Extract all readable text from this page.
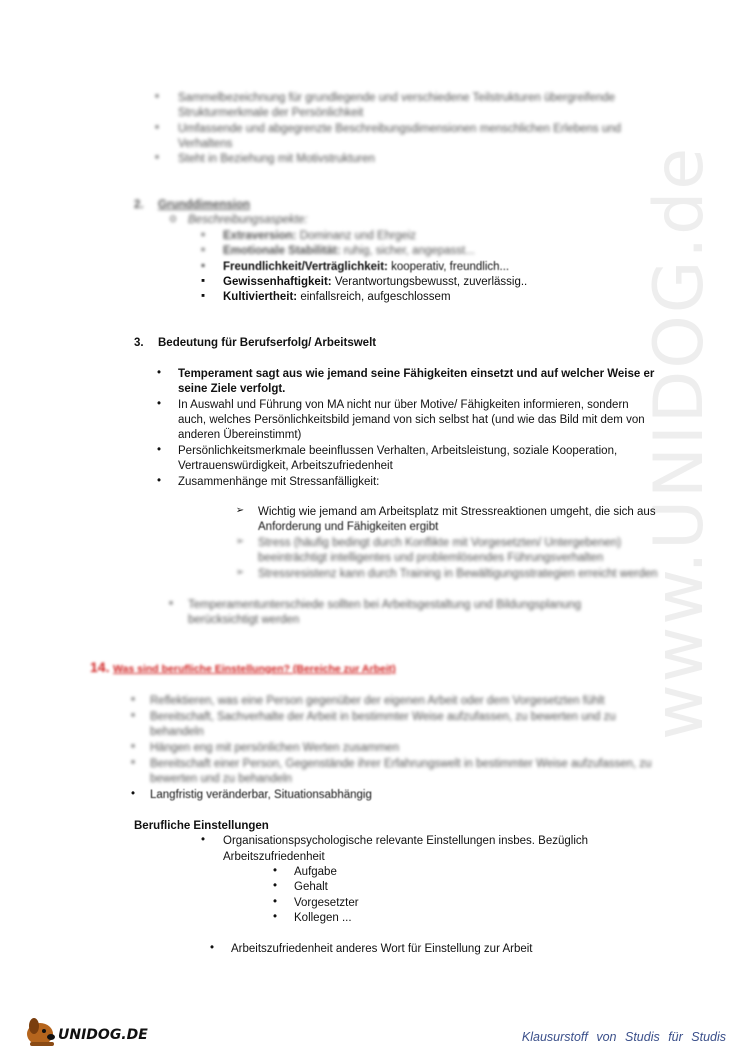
www.UNIDOG.de
•	Sammelbezeichnung für grundlegende und verschiedene Teilstrukturen übergreifende
Strukturmerkmale der Persönlichkeit
•	Umfassende und abgegrenzte Beschreibungsdimensionen menschlichen Erlebens und
Verhaltens
•	Steht in Beziehung mit Motivstrukturen
2. Grunddimension
o	Beschreibungsaspekte:
▪	Extraversion: Dominanz und Ehrgeiz
▪	Emotionale Stabilität: ruhig, sicher, angepasst...
▪	Freundlichkeit/Verträglichkeit: kooperativ, freundlich...
▪	Gewissenhaftigkeit: Verantwortungsbewusst, zuverlässig..
▪	Kultiviertheit: einfallsreich, aufgeschlossem
3. Bedeutung für Berufserfolg/ Arbeitswelt
•	Temperament sagt aus wie jemand seine Fähigkeiten einsetzt und auf welcher Weise er
seine Ziele verfolgt.
•	In Auswahl und Führung von MA nicht nur über Motive/ Fähigkeiten informieren, sondern
auch, welches Persönlichkeitsbild jemand von sich selbst hat (und wie das Bild mit dem von
anderen Übereinstimmt)
•	Persönlichkeitsmerkmale beeinflussen Verhalten, Arbeitsleistung, soziale Kooperation,
Vertrauenswürdigkeit, Arbeitszufriedenheit
•	Zusammenhänge mit Stressanfälligkeit:
➢ Wichtig wie jemand am Arbeitsplatz mit Stressreaktionen umgeht, die sich aus
Anforderung und Fähigkeiten ergibt
➢ Stress (häufig bedingt durch Konflikte mit Vorgesetzten/ Untergebenen)
beeinträchtigt intelligentes und problemlösendes Führungsverhalten
➢ Stressresistenz kann durch Training in Bewältigungsstrategien erreicht werden
•	Temperamentunterschiede sollten bei Arbeitsgestaltung und Bildungsplanung
berücksichtigt werden
14. Was sind berufliche Einstellungen? (Bereiche zur Arbeit)
•	Reflektieren, was eine Person gegenüber der eigenen Arbeit oder dem Vorgesetzten fühlt
•	Bereitschaft, Sachverhalte der Arbeit in bestimmter Weise aufzufassen, zu bewerten und zu
behandeln
•	Hängen eng mit persönlichen Werten zusammen
•	Bereitschaft einer Person, Gegenstände ihrer Erfahrungswelt in bestimmter Weise aufzufassen, zu
bewerten und zu behandeln
•	Langfristig veränderbar, Situationsabhängig
Berufliche Einstellungen
•	Organisationspsychologische relevante Einstellungen insbes. Bezüglich
Arbeitszufriedenheit
•	Aufgabe
•	Gehalt
•	Vorgesetzter
•	Kollegen ...
•	Arbeitszufriedenheit anderes Wort für Einstellung zur Arbeit
UNIDOG.DE	Klausurstoff von Studis für Studis
